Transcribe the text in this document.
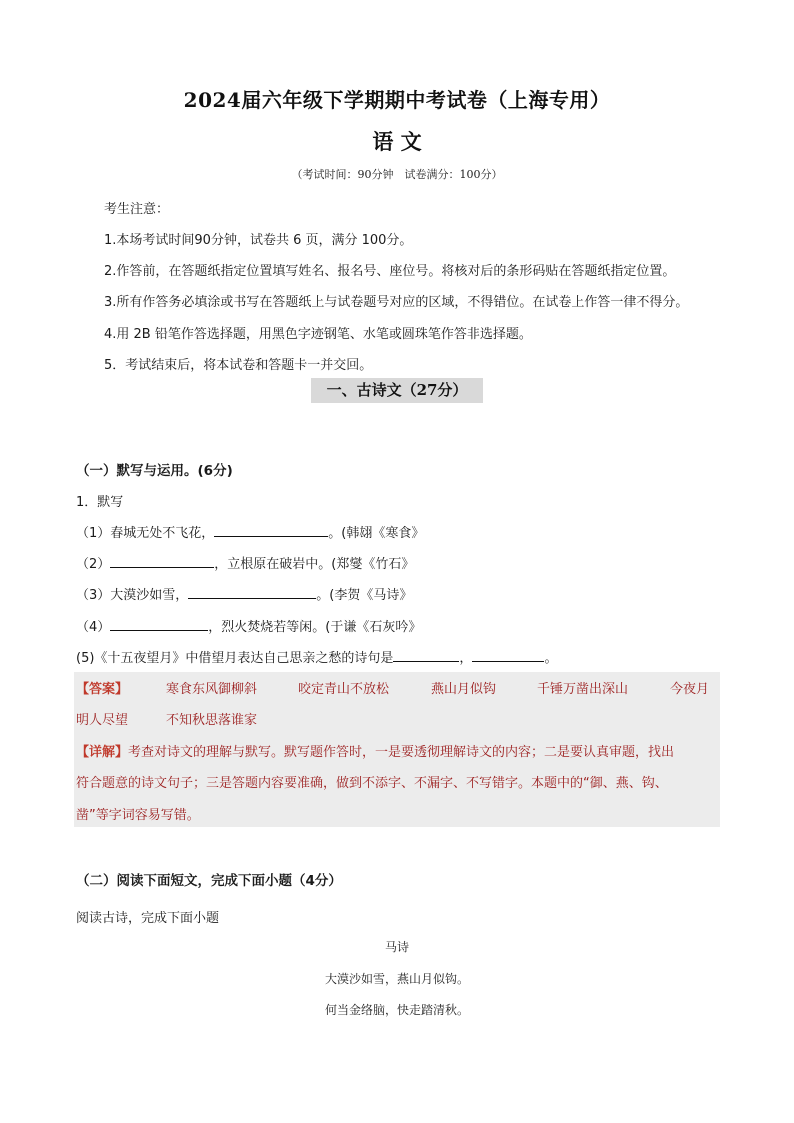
2024届六年级下学期期中考试卷（上海专用）
语 文
（考试时间：90分钟　试卷满分：100分）
考生注意：
1.本场考试时间90分钟，试卷共 6 页，满分 100分。
2.作答前，在答题纸指定位置填写姓名、报名号、座位号。将核对后的条形码贴在答题纸指定位置。
3.所有作答务必填涂或书写在答题纸上与试卷题号对应的区域，不得错位。在试卷上作答一律不得分。
4.用 2B 铅笔作答选择题，用黑色字迹钢笔、水笔或圆珠笔作答非选择题。
5．考试结束后，将本试卷和答题卡一并交回。
一、古诗文（27分）
（一）默写与运用。(6分)
1．默写
（1）春城无处不飞花，	。(韩翃《寒食》
（2）	，立根原在破岩中。(郑燮《竹石》
（3）大漠沙如雪，	。(李贺《马诗》
（4）	，烈火焚烧若等闲。(于谦《石灰吟》
(5)《十五夜望月》中借望月表达自己思亲之愁的诗句是	，	。
【答案】	寒食东风御柳斜	咬定青山不放松	燕山月似钩	千锤万凿出深山	今夜月
明人尽望	不知秋思落谁家
【详解】考查对诗文的理解与默写。默写题作答时，一是要透彻理解诗文的内容；二是要认真审题，找出
符合题意的诗文句子；三是答题内容要准确，做到不添字、不漏字、不写错字。本题中的“御、燕、钩、
凿”等字词容易写错。
（二）阅读下面短文，完成下面小题（4分）
阅读古诗，完成下面小题
马诗
大漠沙如雪，燕山月似钩。
何当金络脑，快走踏清秋。
